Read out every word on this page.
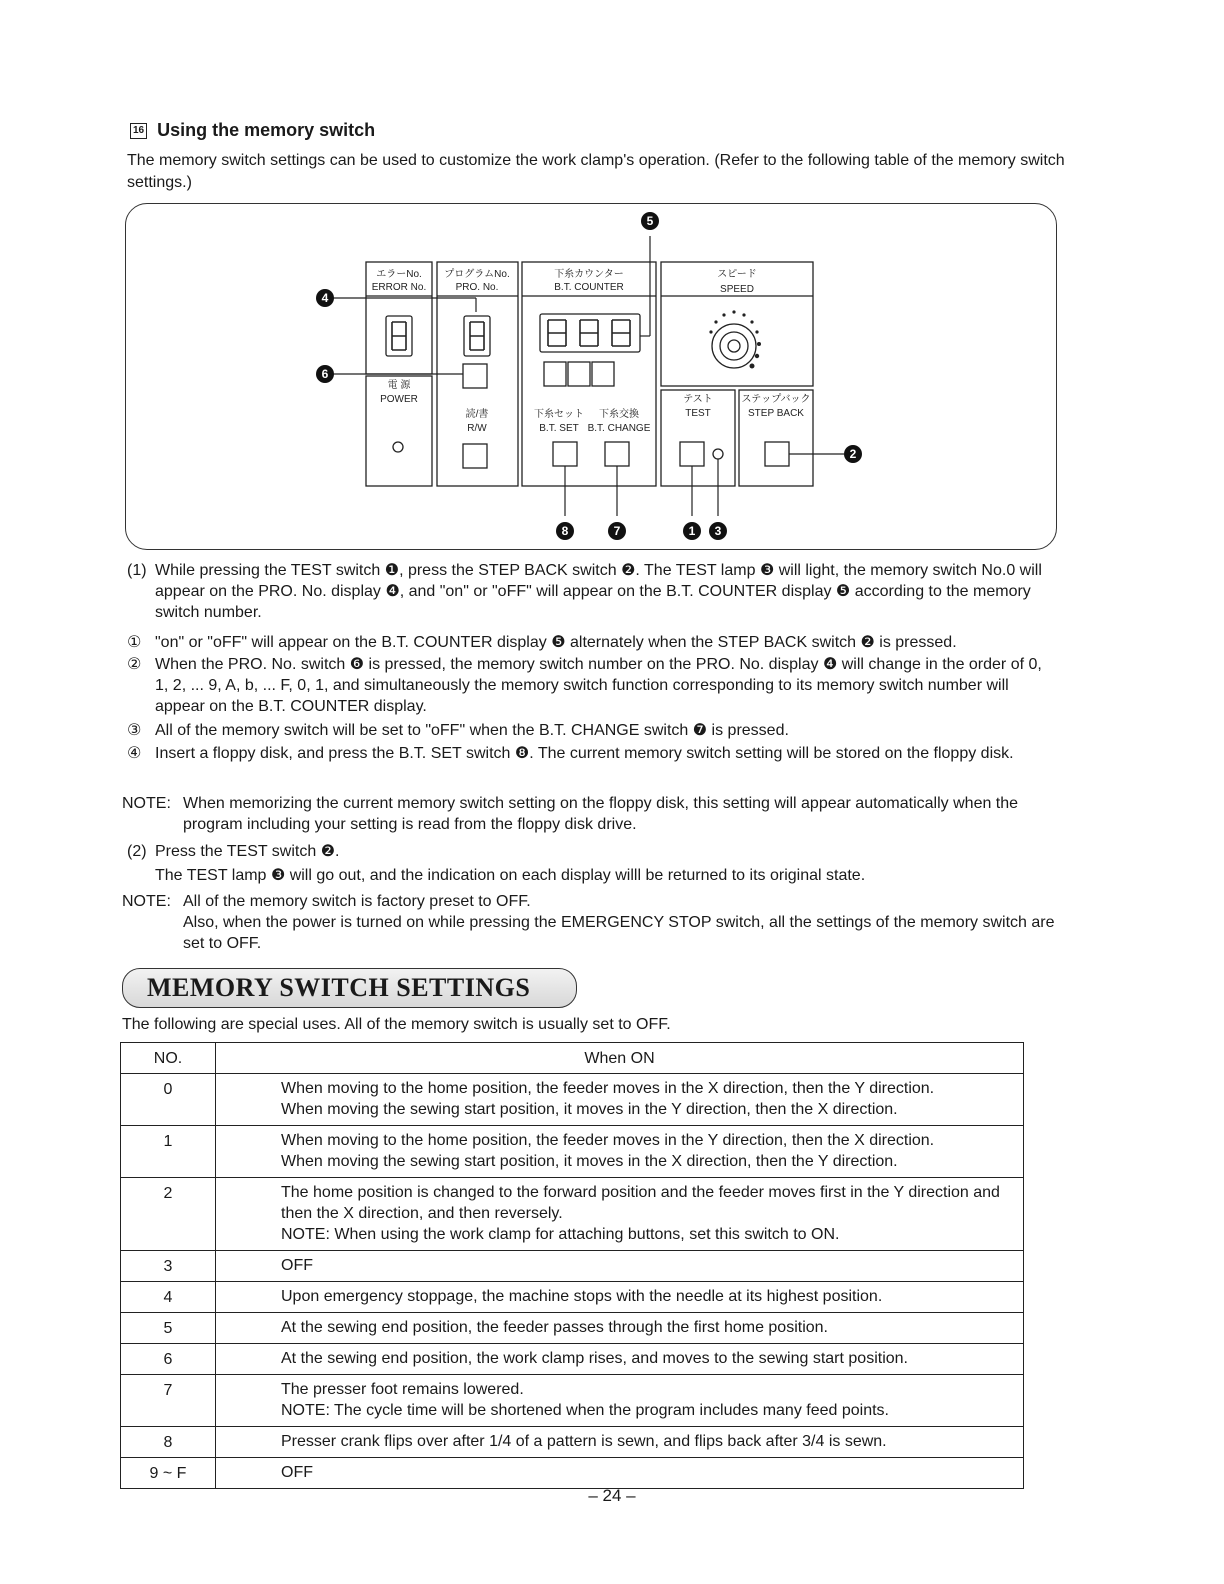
16 Using the memory switch
The memory switch settings can be used to customize the work clamp's operation. (Refer to the following table of the memory switch settings.)
エラーNo.
ERROR No.
プログラムNo.
PRO. No.
下糸カウンター
B.T. COUNTER
スピード
SPEED
電 源
POWER
読/書
R/W
下糸セット
B.T. SET
下糸交換
B.T. CHANGE
テスト
TEST
ステップバック
STEP BACK
5
4
6
2
8	7	1 3
(1) While pressing the TEST switch ❶, press the STEP BACK switch ❷. The TEST lamp ❸ will light, the memory switch No.0 will appear on the PRO. No. display ❹, and "on" or "oFF" will appear on the B.T. COUNTER display ❺ according to the memory switch number.
① "on" or "oFF" will appear on the B.T. COUNTER display ❺ alternately when the STEP BACK switch ❷ is pressed.
② When the PRO. No. switch ❻ is pressed, the memory switch number on the PRO. No. display ❹ will change in the order of 0, 1, 2, ... 9, A, b, ... F, 0, 1, and simultaneously the memory switch function corresponding to its memory switch number will appear on the B.T. COUNTER display.
③ All of the memory switch will be set to "oFF" when the B.T. CHANGE switch ❼ is pressed.
④ Insert a floppy disk, and press the B.T. SET switch ❽. The current memory switch setting will be stored on the floppy disk.
NOTE: When memorizing the current memory switch setting on the floppy disk, this setting will appear automatically when the program including your setting is read from the floppy disk drive.
(2) Press the TEST switch ❷.
The TEST lamp ❸ will go out, and the indication on each display willl be returned to its original state.
NOTE: All of the memory switch is factory preset to OFF.
Also, when the power is turned on while pressing the EMERGENCY STOP switch, all the settings of the memory switch are set to OFF.
MEMORY SWITCH SETTINGS
The following are special uses. All of the memory switch is usually set to OFF.
NO.	When ON
0	When moving to the home position, the feeder moves in the X direction, then the Y direction.
When moving the sewing start position, it moves in the Y direction, then the X direction.

1	When moving to the home position, the feeder moves in the Y direction, then the X direction.
When moving the sewing start position, it moves in the X direction, then the Y direction.

2	The home position is changed to the forward position and the feeder moves first in the Y direction and then the X direction, and then reversely.
NOTE: When using the work clamp for attaching buttons, set this switch to ON.

3	OFF

4	Upon emergency stoppage, the machine stops with the needle at its highest position.

5	At the sewing end position, the feeder passes through the first home position.

6	At the sewing end position, the work clamp rises, and moves to the sewing start position.

7	The presser foot remains lowered.
NOTE: The cycle time will be shortened when the program includes many feed points.

8	Presser crank flips over after 1/4 of a pattern is sewn, and flips back after 3/4 is sewn.

9 ~ F	OFF
– 24 –
